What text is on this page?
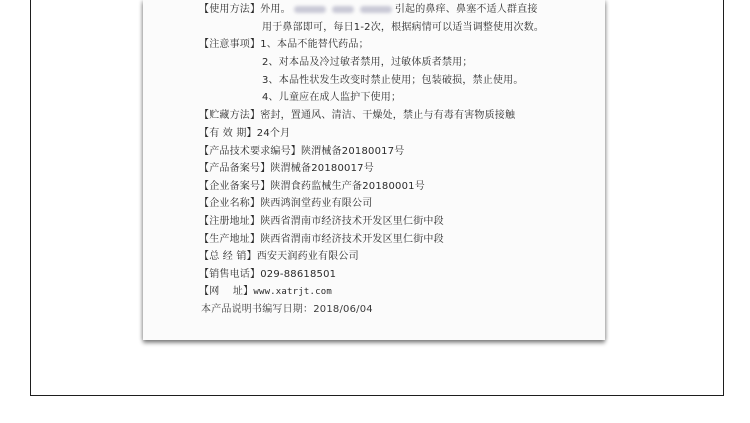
【使用方法】外用。	引起的鼻痒、鼻塞不适人群直接
用于鼻部即可，每日1-2次，根据病情可以适当调整使用次数。
【注意事项】1、本品不能替代药品；
2、对本品及冷过敏者禁用，过敏体质者禁用；
3、本品性状发生改变时禁止使用；包装破损，禁止使用。
4、儿童应在成人监护下使用；
【贮藏方法】密封，置通风、清洁、干燥处，禁止与有毒有害物质接触
【有 效 期】24个月
【产品技术要求编号】陕渭械备20180017号
【产品备案号】陕渭械备20180017号
【企业备案号】陕渭食药监械生产备20180001号
【企业名称】陕西鸿润堂药业有限公司
【注册地址】陕西省渭南市经济技术开发区里仁街中段
【生产地址】陕西省渭南市经济技术开发区里仁街中段
【总 经 销】西安天润药业有限公司
【销售电话】029-88618501
【网    址】www.xatrjt.com
本产品说明书编写日期：2018/06/04
